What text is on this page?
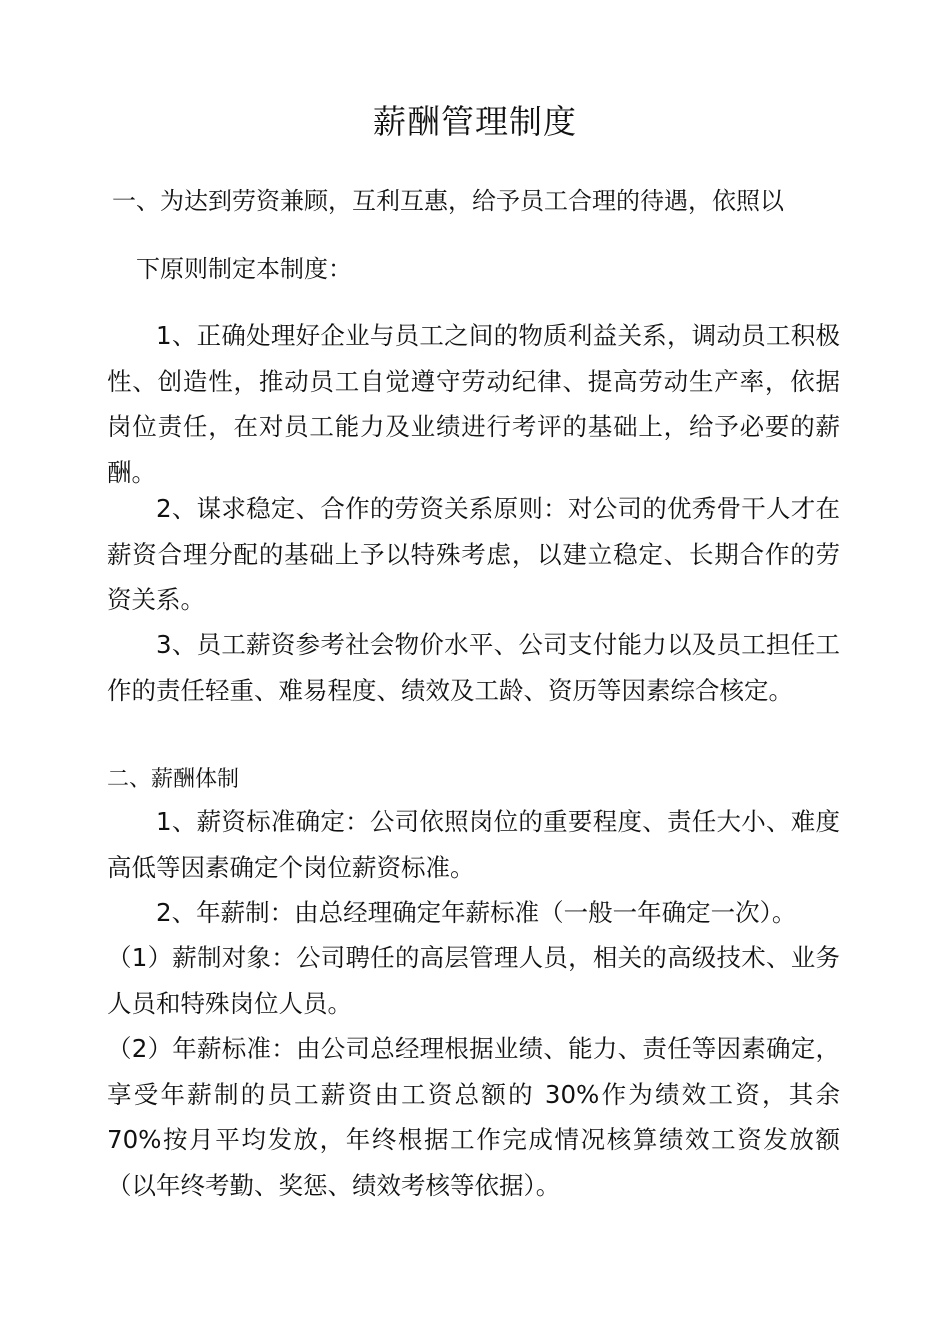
薪酬管理制度
一、为达到劳资兼顾，互利互惠，给予员工合理的待遇，依照以
下原则制定本制度：

1、正确处理好企业与员工之间的物质利益关系，调动员工积极性、创造性，推动员工自觉遵守劳动纪律、提高劳动生产率，依据岗位责任，在对员工能力及业绩进行考评的基础上，给予必要的薪酬。

2、谋求稳定、合作的劳资关系原则：对公司的优秀骨干人才在薪资合理分配的基础上予以特殊考虑，以建立稳定、长期合作的劳资关系。

3、员工薪资参考社会物价水平、公司支付能力以及员工担任工作的责任轻重、难易程度、绩效及工龄、资历等因素综合核定。

二、薪酬体制

1、薪资标准确定：公司依照岗位的重要程度、责任大小、难度高低等因素确定个岗位薪资标准。

2、年薪制：由总经理确定年薪标准（一般一年确定一次）。

（1）薪制对象：公司聘任的高层管理人员，相关的高级技术、业务人员和特殊岗位人员。

（2）年薪标准：由公司总经理根据业绩、能力、责任等因素确定，享受年薪制的员工薪资由工资总额的 30%作为绩效工资，其余 70%按月平均发放，年终根据工作完成情况核算绩效工资发放额（以年终考勤、奖惩、绩效考核等依据）。
